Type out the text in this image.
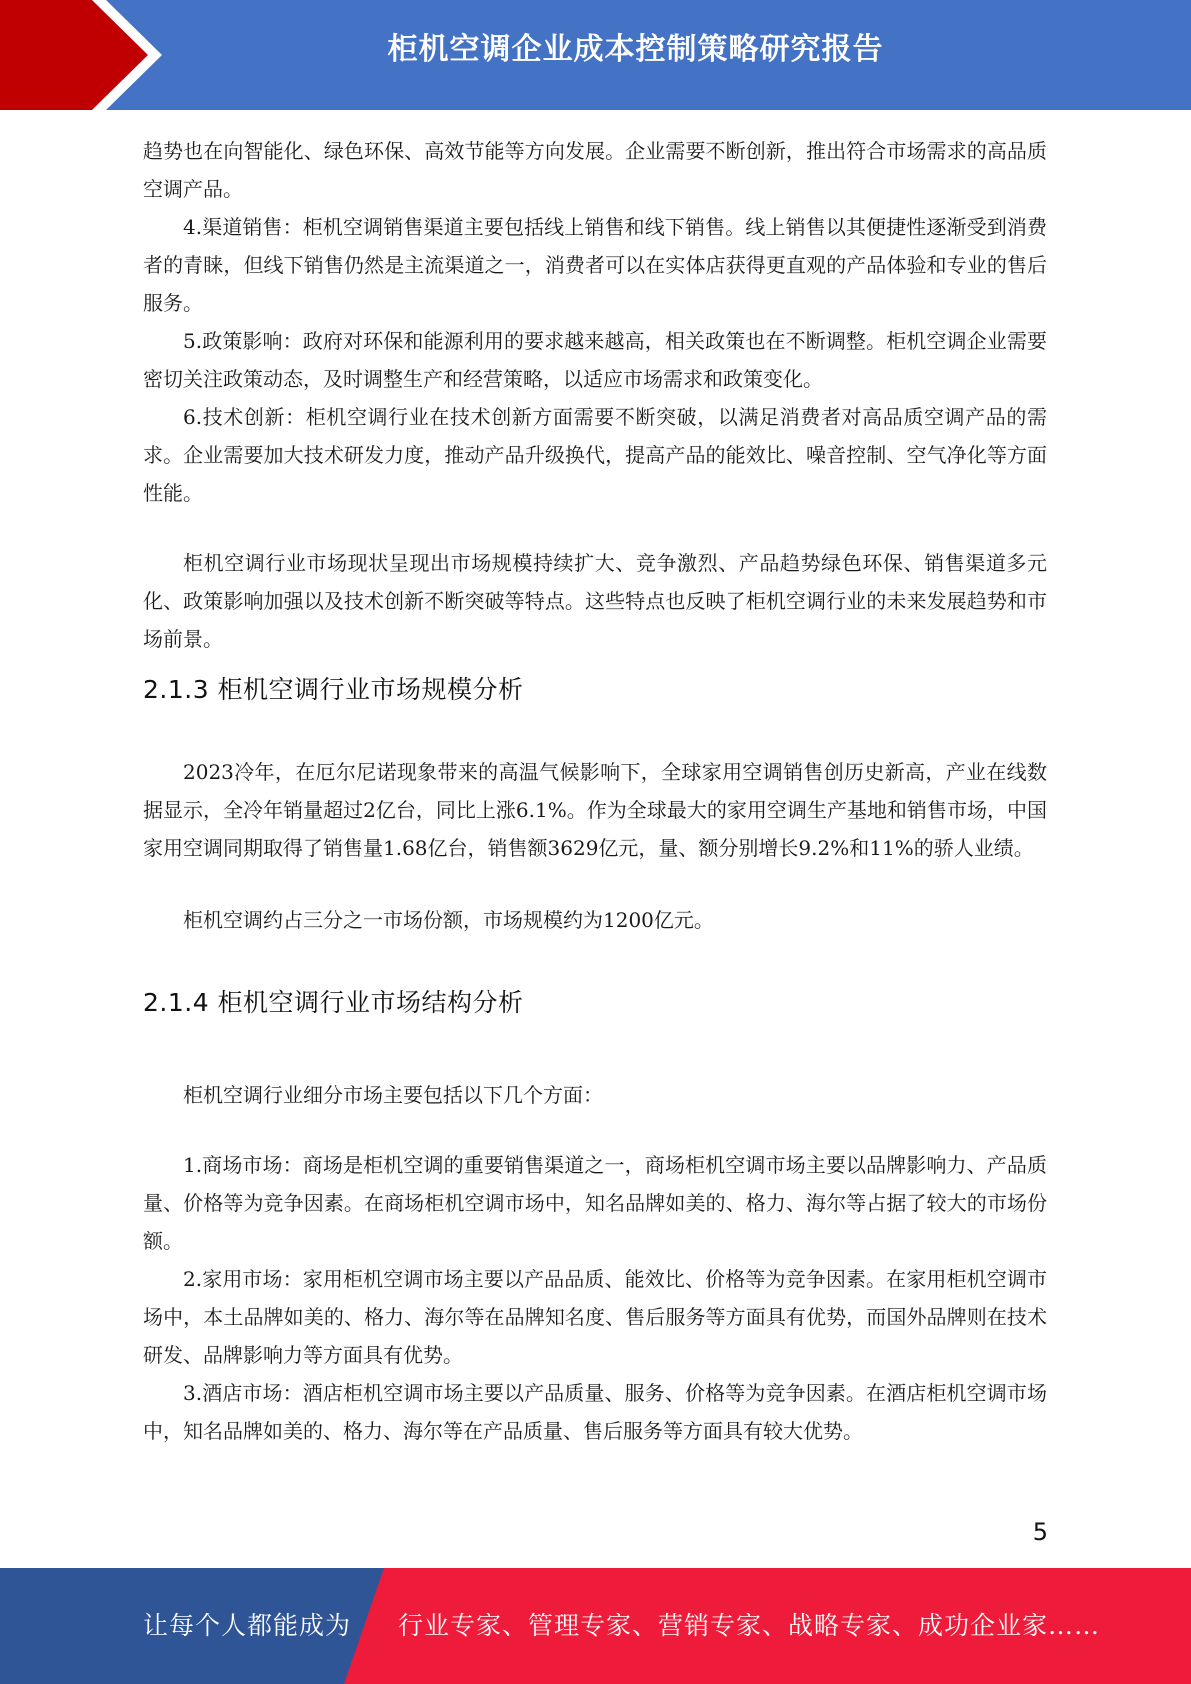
柜机空调企业成本控制策略研究报告

趋势也在向智能化、绿色环保、高效节能等方向发展。企业需要不断创新，推出符合市场需求的高品质空调产品。

4.渠道销售：柜机空调销售渠道主要包括线上销售和线下销售。线上销售以其便捷性逐渐受到消费者的青睐，但线下销售仍然是主流渠道之一，消费者可以在实体店获得更直观的产品体验和专业的售后服务。

5.政策影响：政府对环保和能源利用的要求越来越高，相关政策也在不断调整。柜机空调企业需要密切关注政策动态，及时调整生产和经营策略，以适应市场需求和政策变化。

6.技术创新：柜机空调行业在技术创新方面需要不断突破，以满足消费者对高品质空调产品的需求。企业需要加大技术研发力度，推动产品升级换代，提高产品的能效比、噪音控制、空气净化等方面性能。

柜机空调行业市场现状呈现出市场规模持续扩大、竞争激烈、产品趋势绿色环保、销售渠道多元化、政策影响加强以及技术创新不断突破等特点。这些特点也反映了柜机空调行业的未来发展趋势和市场前景。

2.1.3 柜机空调行业市场规模分析

2023冷年，在厄尔尼诺现象带来的高温气候影响下，全球家用空调销售创历史新高，产业在线数据显示，全冷年销量超过2亿台，同比上涨6.1%。作为全球最大的家用空调生产基地和销售市场，中国家用空调同期取得了销售量1.68亿台，销售额3629亿元，量、额分别增长9.2%和11%的骄人业绩。

柜机空调约占三分之一市场份额，市场规模约为1200亿元。

2.1.4 柜机空调行业市场结构分析

柜机空调行业细分市场主要包括以下几个方面：

1.商场市场：商场是柜机空调的重要销售渠道之一，商场柜机空调市场主要以品牌影响力、产品质量、价格等为竞争因素。在商场柜机空调市场中，知名品牌如美的、格力、海尔等占据了较大的市场份额。

2.家用市场：家用柜机空调市场主要以产品品质、能效比、价格等为竞争因素。在家用柜机空调市场中，本土品牌如美的、格力、海尔等在品牌知名度、售后服务等方面具有优势，而国外品牌则在技术研发、品牌影响力等方面具有优势。

3.酒店市场：酒店柜机空调市场主要以产品质量、服务、价格等为竞争因素。在酒店柜机空调市场中，知名品牌如美的、格力、海尔等在产品质量、售后服务等方面具有较大优势。

5
让每个人都能成为 行业专家、管理专家、营销专家、战略专家、成功企业家……
